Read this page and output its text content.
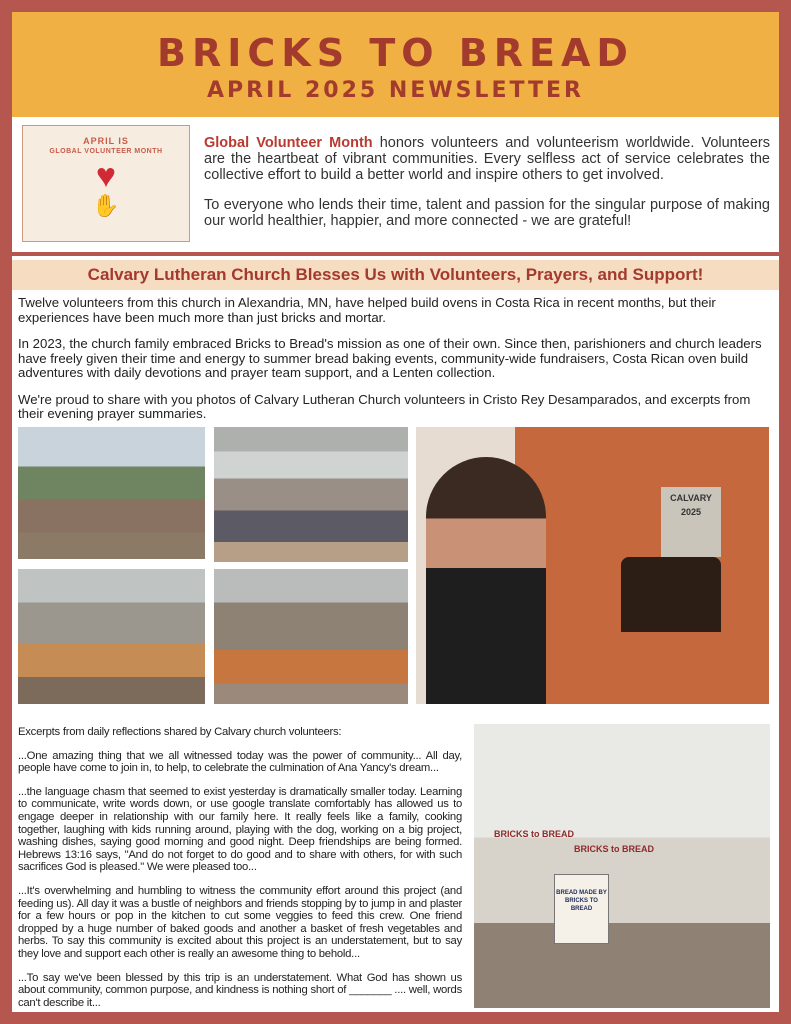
BRICKS TO BREAD
APRIL 2025 NEWSLETTER
APRIL IS
GLOBAL VOLUNTEER MONTH
♥
✋

Global Volunteer Month honors volunteers and volunteerism worldwide. Volunteers are the heartbeat of vibrant communities. Every selfless act of service celebrates the collective effort to build a better world and inspire others to get involved.

To everyone who lends their time, talent and passion for the singular purpose of making our world healthier, happier, and more connected - we are grateful!

Calvary Lutheran Church Blesses Us with Volunteers, Prayers, and Support!

Twelve volunteers from this church in Alexandria, MN, have helped build ovens in Costa Rica in recent months, but their experiences have been much more than just bricks and mortar.

In 2023, the church family embraced Bricks to Bread's mission as one of their own. Since then, parishioners and church leaders have freely given their time and energy to summer bread baking events, community-wide fundraisers, Costa Rican oven build adventures with daily devotions and prayer team support, and a Lenten collection.

We're proud to share with you photos of Calvary Lutheran Church volunteers in Cristo Rey Desamparados, and excerpts from their evening prayer summaries.

CALVARY 2025

Excerpts from daily reflections shared by Calvary church volunteers:

...One amazing thing that we all witnessed today was the power of community... All day, people have come to join in, to help, to celebrate the culmination of Ana Yancy's dream...

...the language chasm that seemed to exist yesterday is dramatically smaller today. Learning to communicate, write words down, or use google translate comfortably has allowed us to engage deeper in relationship with our family here. It really feels like a family, cooking together, laughing with kids running around, playing with the dog, working on a big project, washing dishes, saying good morning and good night. Deep friendships are being formed. Hebrews 13:16 says, "And do not forget to do good and to share with others, for with such sacrifices God is pleased." We were pleased too...

...It's overwhelming and humbling to witness the community effort around this project (and feeding us). All day it was a bustle of neighbors and friends stopping by to jump in and plaster for a few hours or pop in the kitchen to cut some veggies to feed this crew. One friend dropped by a huge number of baked goods and another a basket of fresh vegetables and herbs. To say this community is excited about this project is an understatement, but to say they love and support each other is really an awesome thing to behold...

...To say we've been blessed by this trip is an understatement. What God has shown us about community, common purpose, and kindness is nothing short of _______ .... well, words can't describe it...

BRICKS to BREAD
BRICKS to BREAD
BREAD MADE BY BRICKS TO BREAD
